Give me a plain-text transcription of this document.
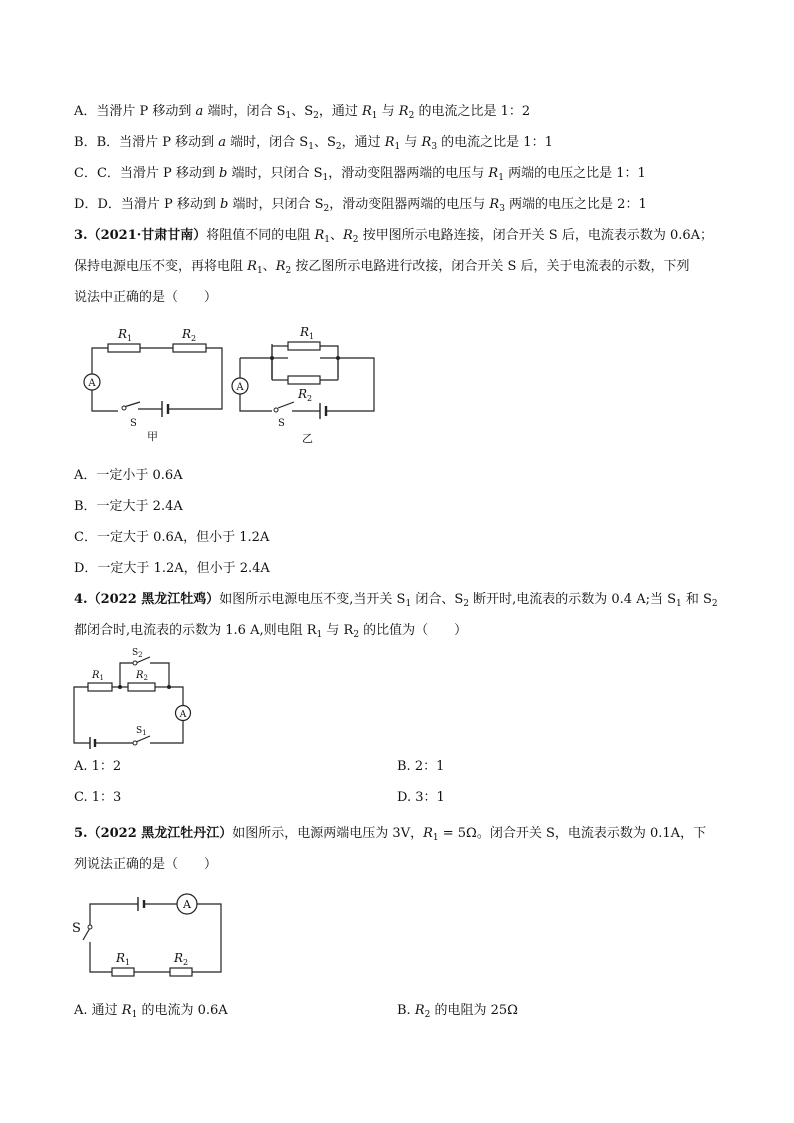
A．当滑片 P 移动到 a 端时，闭合 $S_1$、$S_2$，通过 $R_1$ 与 $R_2$ 的电流之比是 1：2
B．B．当滑片 P 移动到 a 端时，闭合 $S_1$、$S_2$，通过 $R_1$ 与 $R_3$ 的电流之比是 1：1
C．C．当滑片 P 移动到 b 端时，只闭合 $S_1$，滑动变阻器两端的电压与 $R_1$ 两端的电压之比是 1：1
D．D．当滑片 P 移动到 b 端时，只闭合 $S_2$，滑动变阻器两端的电压与 $R_3$ 两端的电压之比是 2：1
3.（2021·甘肃甘南）将阻值不同的电阻 $R_1$、$R_2$ 按甲图所示电路连接，闭合开关 S 后，电流表示数为 0.6A；
保持电源电压不变，再将电阻 $R_1$、$R_2$ 按乙图所示电路进行改接，闭合开关 S 后，关于电流表的示数，下列
说法中正确的是（　　）
A
$R_1$	$R_2$
S
甲
A
$R_1$
$R_2$
S
乙
A．一定小于 0.6A
B．一定大于 2.4A
C．一定大于 0.6A，但小于 1.2A
D．一定大于 1.2A，但小于 2.4A
4.（2022 黑龙江牡鸡）如图所示电源电压不变,当开关 $S_1$ 闭合、$S_2$ 断开时,电流表的示数为 0.4 A;当 $S_1$ 和 $S_2$
都闭合时,电流表的示数为 1.6 A,则电阻 $R_1$ 与 $R_2$ 的比值为（　　）
A
$R_1$	$R_2$
$S_2$
$S_1$
A. 1：2	B. 2：1
C. 1：3	D. 3：1
5.（2022 黑龙江牡丹江）如图所示，电源两端电压为 3V，$R_1 = 5\Omega$。闭合开关 S，电流表示数为 0.1A，下
列说法正确的是（　　）
A
S
$R_1$	$R_2$
A. 通过 $R_1$ 的电流为 0.6A	B. $R_2$ 的电阻为 25Ω
